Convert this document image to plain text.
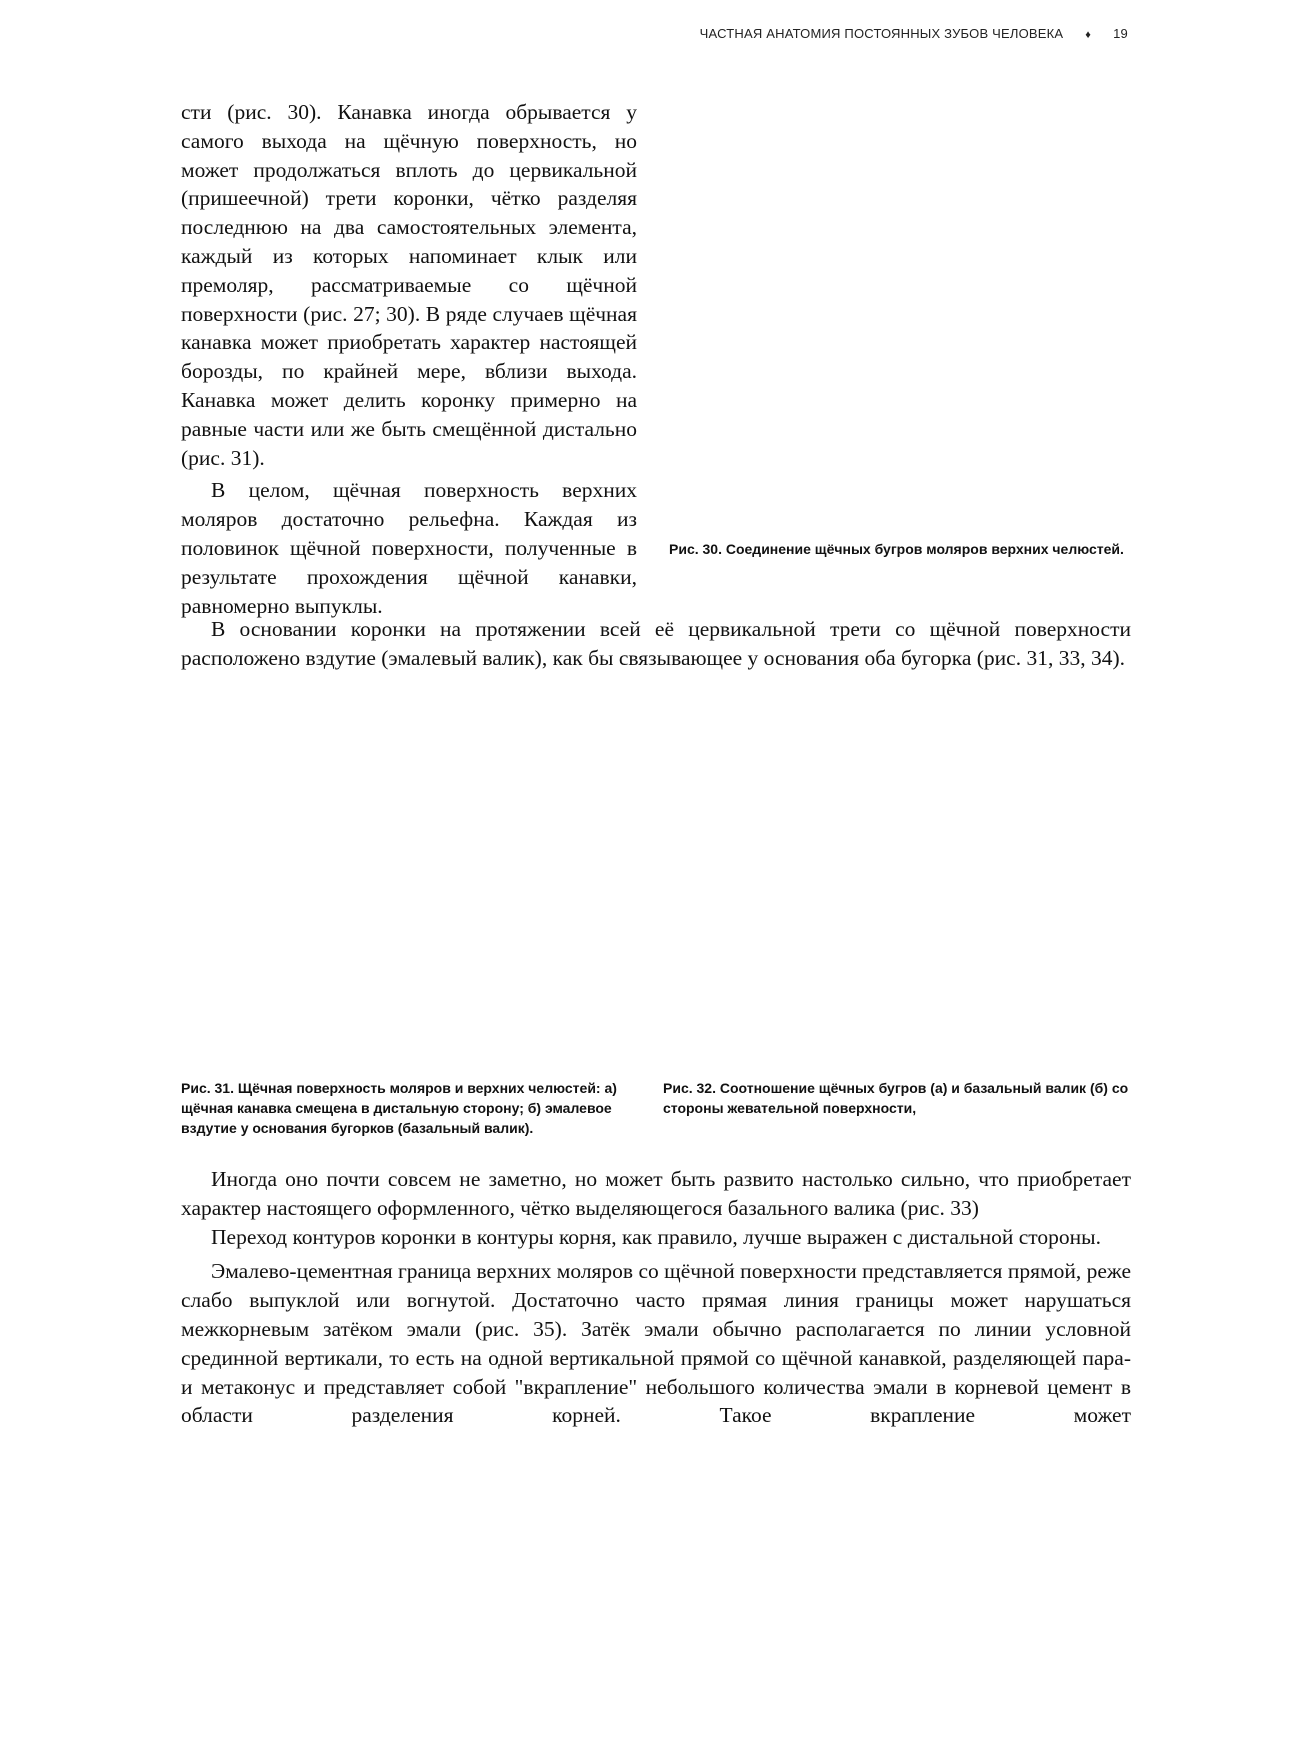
ЧАСТНАЯ АНАТОМИЯ ПОСТОЯННЫХ ЗУБОВ ЧЕЛОВЕКА ♦ 19

сти (рис. 30). Канавка иногда обрывается у самого выхода на щёчную поверхность, но может продолжаться вплоть до цервикальной (пришеечной) трети коронки, чётко разделяя последнюю на два самостоятельных элемента, каждый из которых напоминает клык или премоляр, рассматриваемые со щёчной поверхности (рис. 27; 30). В ряде случаев щёчная канавка может приобретать характер настоящей борозды, по крайней мере, вблизи выхода. Канавка может делить коронку примерно на равные части или же быть смещённой дистально (рис. 31).

В целом, щёчная поверхность верхних моляров достаточно рельефна. Каждая из половинок щёчной поверхности, полученные в результате прохождения щёчной канавки, равномерно выпуклы.

Рис. 30. Соединение щёчных бугров моляров верхних челюстей.

В основании коронки на протяжении всей её цервикальной трети со щёчной поверхности расположено вздутие (эмалевый валик), как бы связывающее у основания оба бугорка (рис. 31, 33, 34).

Рис. 31. Щёчная поверхность моляров и верхних челюстей: а) щёчная канавка смещена в дистальную сторону; б) эмалевое вздутие у основания бугорков (базальный валик).
Рис. 32. Соотношение щёчных бугров (а) и базальный валик (б) со стороны жевательной поверхности,

Иногда оно почти совсем не заметно, но может быть развито настолько сильно, что приобретает характер настоящего оформленного, чётко выделяющегося базального валика (рис. 33)

Переход контуров коронки в контуры корня, как правило, лучше выражен с дистальной стороны.

Эмалево-цементная граница верхних моляров со щёчной поверхности представляется прямой, реже слабо выпуклой или вогнутой. Достаточно часто прямая линия границы может нарушаться межкорневым затёком эмали (рис. 35). Затёк эмали обычно располагается по линии условной срединной вертикали, то есть на одной вертикальной прямой со щёчной канавкой, разделяющей пара- и метаконус и представляет собой "вкрапление" небольшого количества эмали в корневой цемент в области разделения корней. Такое вкрапление может
